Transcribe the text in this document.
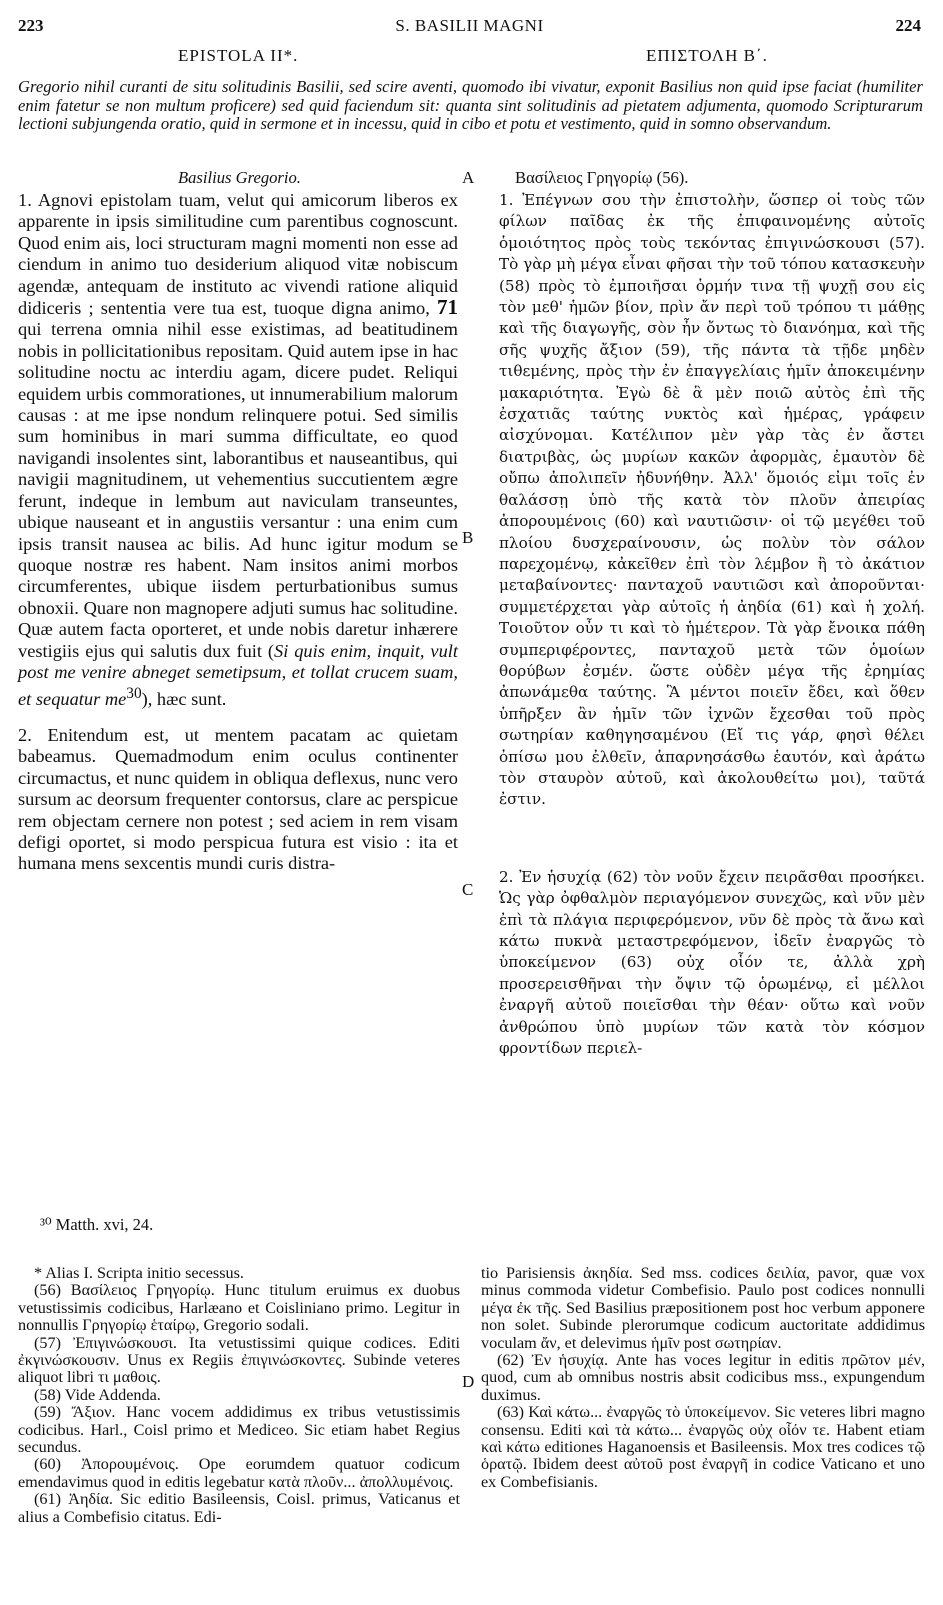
223	S. BASILII MAGNI	224
EPISTOLA II*.	ΕΠΙΣΤΟΛΗ Β΄.
Gregorio nihil curanti de situ solitudinis Basilii, sed scire aventi, quomodo ibi vivatur, exponit Basilius non quid ipse faciat (humiliter enim fatetur se non multum proficere) sed quid faciendum sit: quanta sint solitudinis ad pietatem adjumenta, quomodo Scripturarum lectioni subjungenda oratio, quid in sermone et in incessu, quid in cibo et potu et vestimento, quid in somno observandum.
Basilius Gregorio.	A Βασίλειος Γρηγορίῳ (56).

1. Agnovi epistolam tuam, velut qui amicorum liberos ex apparente in ipsis similitudine cum parentibus cognoscunt. Quod enim ais, loci structuram magni momenti non esse ad ciendum in animo tuo desiderium aliquod vitæ nobiscum agendæ, antequam de instituto ac vivendi ratione aliquid didiceris ; sententia vere tua est, tuoque digna animo, 71 qui terrena omnia nihil esse existimas, ad beatitudinem nobis in pollicitationibus repositam. Quid autem ipse in hac solitudine noctu ac interdiu agam, dicere pudet. Reliqui equidem urbis commorationes, ut innumerabilium malorum causas : at me ipse nondum relinquere potui. Sed similis sum hominibus in mari summa difficultate, eo quod navigandi insolentes sint, laborantibus et nauseantibus, qui navigii magnitudinem, ut vehementius succutientem ægre ferunt, indeque in lembum aut naviculam transeuntes, ubique nauseant et in angustiis versantur : una enim cum ipsis transit nausea ac bilis. Ad hunc igitur modum se quoque nostræ res habent. Nam insitos animi morbos circumferentes, ubique iisdem perturbationibus sumus obnoxii. Quare non magnopere adjuti sumus hac solitudine. Quæ autem facta oporteret, et unde nobis daretur inhærere vestigiis ejus qui salutis dux fuit (Si quis enim, inquit, vult post me venire abneget semetipsum, et tollat crucem suam, et sequatur $me^{30}$), hæc sunt.

2. Enitendum est, ut mentem pacatam ac quietam babeamus. Quemadmodum enim oculus continenter circumactus, et nunc quidem in obliqua deflexus, nunc vero sursum ac deorsum frequenter contorsus, clare ac perspicue rem objectam cernere non potest ; sed aciem in rem visam defigi oportet, si modo perspicua futura est visio : ita et humana mens sexcentis mundi curis distra-

B
C

1. Ἐπέγνων σου τὴν ἐπιστολὴν, ὥσπερ οἱ τοὺς τῶν φίλων παῖδας ἐκ τῆς ἐπιφαινομένης αὐτοῖς ὁμοιότητος πρὸς τοὺς τεκόντας ἐπιγινώσκουσι (57). Τὸ γὰρ μὴ μέγα εἶναι φῆσαι τὴν τοῦ τόπου κατασκευὴν (58) πρὸς τὸ ἐμποιῆσαι ὁρμήν τινα τῇ ψυχῇ σου εἰς τὸν μεθ' ἡμῶν βίον, πρὶν ἄν περὶ τοῦ τρόπου τι μάθῃς καὶ τῆς διαγωγῆς, σὸν ἦν ὄντως τὸ διανόημα, καὶ τῆς σῆς ψυχῆς ἄξιον (59), τῆς πάντα τὰ τῇδε μηδὲν τιθεμένης, πρὸς τὴν ἐν ἐπαγγελίαις ἡμῖν ἀποκειμένην μακαριότητα. Ἐγὼ δὲ ἃ μὲν ποιῶ αὐτὸς ἐπὶ τῆς ἐσχατιᾶς ταύτης νυκτὸς καὶ ἡμέρας, γράφειν αἰσχύνομαι. Κατέλιπον μὲν γὰρ τὰς ἐν ἄστει διατριβὰς, ὡς μυρίων κακῶν ἀφορμὰς, ἐμαυτὸν δὲ οὔπω ἀπολιπεῖν ἠδυνήθην. Ἀλλ' ὅμοιός εἰμι τοῖς ἐν θαλάσσῃ ὑπὸ τῆς κατὰ τὸν πλοῦν ἀπειρίας ἀπορουμένοις (60) καὶ ναυτιῶσιν· οἱ τῷ μεγέθει τοῦ πλοίου δυσχεραίνουσιν, ὡς πολὺν τὸν σάλον παρεχομένῳ, κἀκεῖθεν ἐπὶ τὸν λέμβον ἢ τὸ ἀκάτιον μεταβαίνοντες· πανταχοῦ ναυτιῶσι καὶ ἀποροῦνται· συμμετέρχεται γὰρ αὐτοῖς ἡ ἀηδία (61) καὶ ἡ χολή. Τοιοῦτον οὖν τι καὶ τὸ ἡμέτερον. Τὰ γὰρ ἔνοικα πάθη συμπεριφέροντες, πανταχοῦ μετὰ τῶν ὁμοίων θορύβων ἐσμέν. ὥστε οὐδὲν μέγα τῆς ἐρημίας ἀπωνάμεθα ταύτης. Ἃ μέντοι ποιεῖν ἔδει, καὶ ὅθεν ὑπῆρξεν ἂν ἡμῖν τῶν ἰχνῶν ἔχεσθαι τοῦ πρὸς σωτηρίαν καθηγησαμένου (Εἴ τις γάρ, φησὶ θέλει ὀπίσω μου ἐλθεῖν, ἀπαρνησάσθω ἑαυτόν, καὶ ἀράτω τὸν σταυρὸν αὐτοῦ, καὶ ἀκολουθείτω μοι), ταῦτά ἐστιν.

2. Ἐν ἡσυχίᾳ (62) τὸν νοῦν ἔχειν πειρᾶσθαι προσήκει. Ὡς γὰρ ὀφθαλμὸν περιαγόμενον συνεχῶς, καὶ νῦν μὲν ἐπὶ τὰ πλάγια περιφερόμενον, νῦν δὲ πρὸς τὰ ἄνω καὶ κάτω πυκνὰ μεταστρεφόμενον, ἰδεῖν ἐναργῶς τὸ ὑποκείμενον (63) οὐχ οἷόν τε, ἀλλὰ χρὴ προσερεισθῆναι τὴν ὄψιν τῷ ὁρωμένῳ, εἰ μέλλοι ἐναργῆ αὐτοῦ ποιεῖσθαι τὴν θέαν· οὕτω καὶ νοῦν ἀνθρώπου ὑπὸ μυρίων τῶν κατὰ τὸν κόσμον φροντίδων περιελ-

³⁰ Matth. xvi, 24.

* Alias I. Scripta initio secessus.

(56) Βασίλειος Γρηγορίῳ. Hunc titulum eruimus ex duobus vetustissimis codicibus, Harlæano et Coisliniano primo. Legitur in nonnullis Γρηγορίῳ ἑταίρῳ, Gregorio sodali.

(57) Ἐπιγινώσκουσι. Ita vetustissimi quique codices. Editi ἐκγινώσκουσιν. Unus ex Regiis ἐπιγινώσκοντες. Subinde veteres aliquot libri τι μαθοις.

(58) Vide Addenda.

(59) Ἄξιον. Hanc vocem addidimus ex tribus vetustissimis codicibus. Harl., Coisl primo et Mediceo. Sic etiam habet Regius secundus.

(60) Ἀπορουμένοις. Ope eorumdem quatuor codicum emendavimus quod in editis legebatur κατὰ πλοῦν... ἀπολλυμένοις.

(61) Ἀηδία. Sic editio Basileensis, Coisl. primus, Vaticanus et alius a Combefisio citatus. Edi-

D

tio Parisiensis ἀκηδία. Sed mss. codices δειλία, pavor, quæ vox minus commoda videtur Combefisio. Paulo post codices nonnulli μέγα ἐκ τῆς. Sed Basilius præpositionem post hoc verbum apponere non solet. Subinde plerorumque codicum auctoritate addidimus voculam ἄν, et delevimus ἡμῖν post σωτηρίαν.

(62) Ἐν ἡσυχίᾳ. Ante has voces legitur in editis πρῶτον μέν, quod, cum ab omnibus nostris absit codicibus mss., expungendum duximus.

(63) Καὶ κάτω... ἐναργῶς τὸ ὑποκείμενον. Sic veteres libri magno consensu. Editi καὶ τὰ κάτω... ἐναργῶς οὐχ οἷόν τε. Habent etiam καὶ κάτω editiones Haganoensis et Basileensis. Mox tres codices τῷ ὁρατῷ. Ibidem deest αὐτοῦ post ἐναργῆ in codice Vaticano et uno ex Combefisianis.
